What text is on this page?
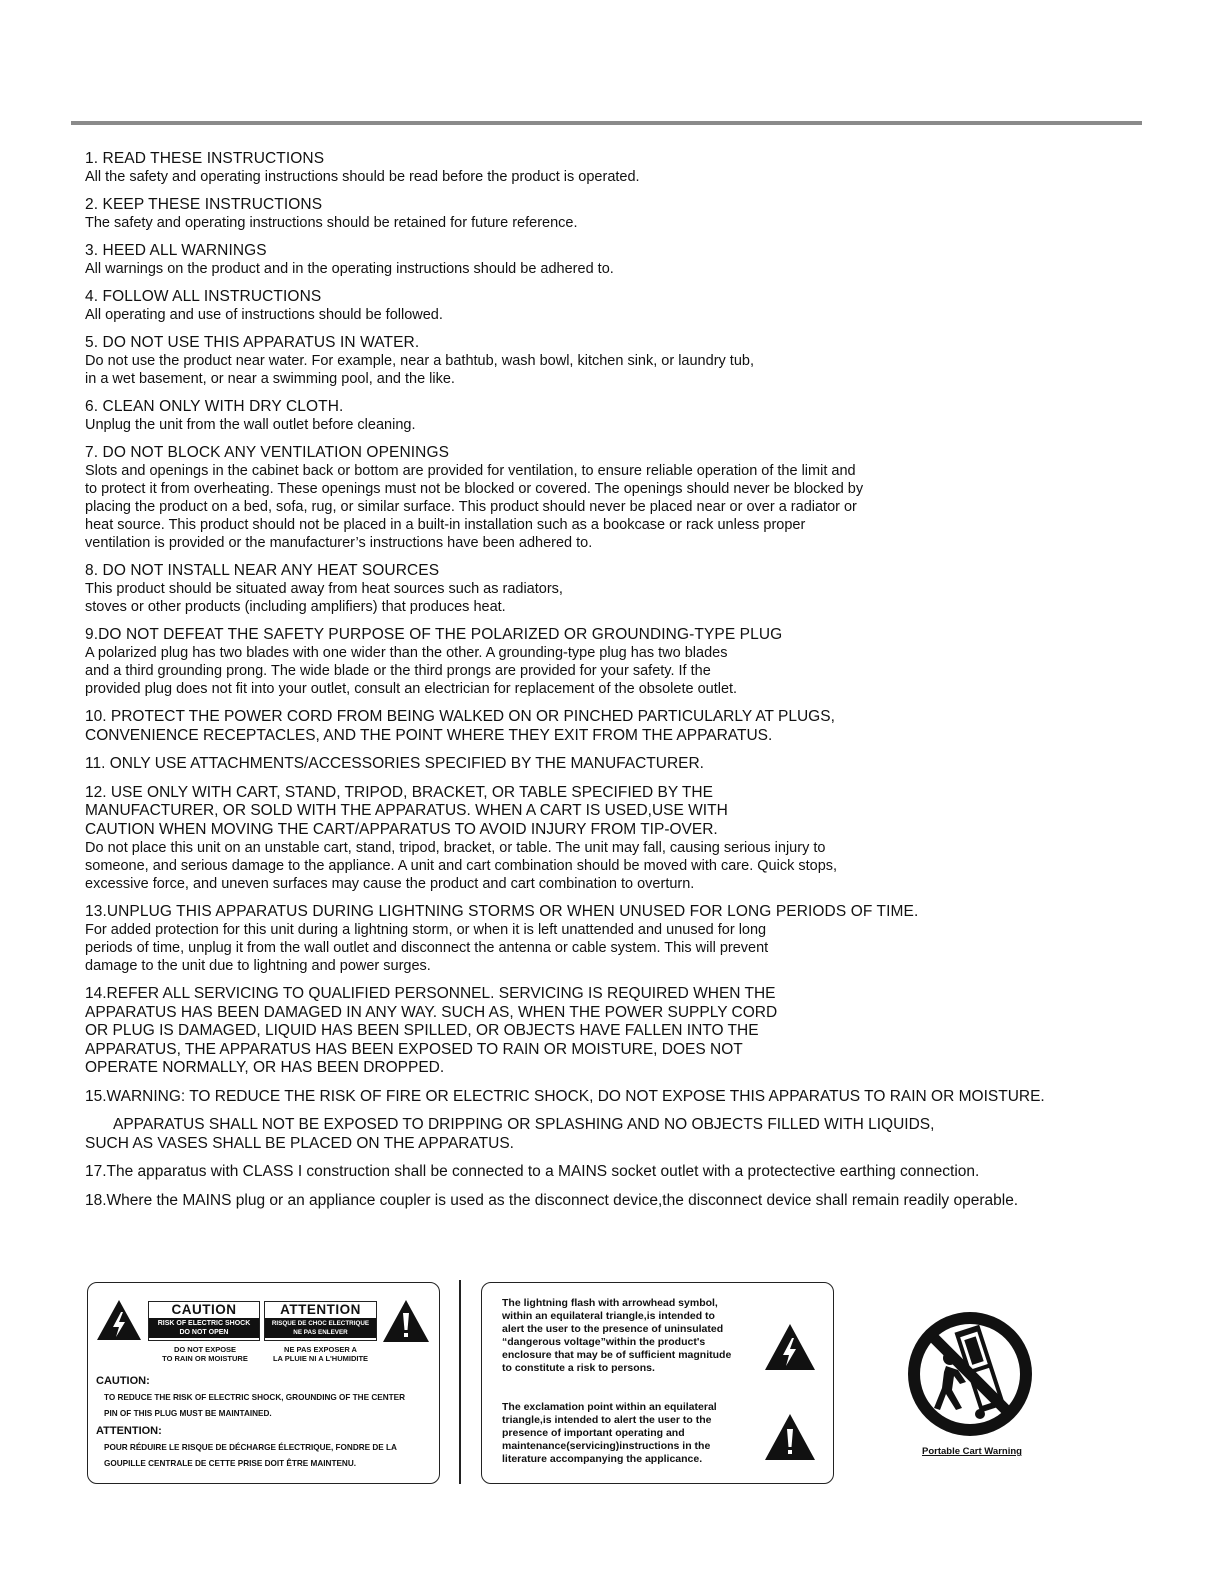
1. READ THESE INSTRUCTIONS
All the safety and operating instructions should be read before the product is operated.
2. KEEP THESE INSTRUCTIONS
The safety and operating instructions should be retained for future reference.
3. HEED ALL WARNINGS
All warnings on the product and in the operating instructions should be adhered to.
4. FOLLOW ALL INSTRUCTIONS
All operating and use of instructions should be followed.
5. DO NOT USE THIS APPARATUS IN WATER.
Do not use the product near water. For example, near a bathtub, wash bowl, kitchen sink, or laundry tub,
in a wet basement, or near a swimming pool, and the like.
6. CLEAN ONLY WITH DRY CLOTH.
Unplug the unit from the wall outlet before cleaning.
7. DO NOT BLOCK ANY VENTILATION OPENINGS
Slots and openings in the cabinet back or bottom are provided for ventilation, to ensure reliable operation of the limit and
to protect it from overheating. These openings must not be blocked or covered. The openings should never be blocked by
placing the product on a bed, sofa, rug, or similar surface. This product should never be placed near or over a radiator or
heat source. This product should not be placed in a built-in installation such as a bookcase or rack unless proper
ventilation is provided or the manufacturer’s instructions have been adhered to.
8. DO NOT INSTALL NEAR ANY HEAT SOURCES
This product should be situated away from heat sources such as radiators,
stoves or other products (including amplifiers) that produces heat.
9.DO NOT DEFEAT THE SAFETY PURPOSE OF THE POLARIZED OR GROUNDING-TYPE PLUG
A polarized plug has two blades with one wider than the other. A grounding-type plug has two blades
and a third grounding prong. The wide blade or the third prongs are provided for your safety. If the
provided plug does not fit into your outlet, consult an electrician for replacement of the obsolete outlet.
10. PROTECT THE POWER CORD FROM BEING WALKED ON OR PINCHED PARTICULARLY AT PLUGS,
CONVENIENCE RECEPTACLES, AND THE POINT WHERE THEY EXIT FROM THE APPARATUS.
11. ONLY USE ATTACHMENTS/ACCESSORIES SPECIFIED BY THE MANUFACTURER.
12. USE ONLY WITH CART, STAND, TRIPOD, BRACKET, OR TABLE SPECIFIED BY THE
MANUFACTURER, OR SOLD WITH THE APPARATUS. WHEN A CART IS USED,USE WITH
CAUTION WHEN MOVING THE CART/APPARATUS TO AVOID INJURY FROM TIP-OVER.
Do not place this unit on an unstable cart, stand, tripod, bracket, or table. The unit may fall, causing serious injury to
someone, and serious damage to the appliance. A unit and cart combination should be moved with care. Quick stops,
excessive force, and uneven surfaces may cause the product and cart combination to overturn.
13.UNPLUG THIS APPARATUS DURING LIGHTNING STORMS OR WHEN UNUSED FOR LONG PERIODS OF TIME.
For added protection for this unit during a lightning storm, or when it is left unattended and unused for long
periods of time, unplug it from the wall outlet and disconnect the antenna or cable system. This will prevent
damage to the unit due to lightning and power surges.
14.REFER ALL SERVICING TO QUALIFIED PERSONNEL. SERVICING IS REQUIRED WHEN THE
APPARATUS HAS BEEN DAMAGED IN ANY WAY. SUCH AS, WHEN THE POWER SUPPLY CORD
OR PLUG IS DAMAGED, LIQUID HAS BEEN SPILLED, OR OBJECTS HAVE FALLEN INTO THE
APPARATUS, THE APPARATUS HAS BEEN EXPOSED TO RAIN OR MOISTURE, DOES NOT
OPERATE NORMALLY, OR HAS BEEN DROPPED.
15.WARNING: TO REDUCE THE RISK OF FIRE OR ELECTRIC SHOCK, DO NOT EXPOSE THIS APPARATUS TO RAIN OR MOISTURE.
APPARATUS SHALL NOT BE EXPOSED TO DRIPPING OR SPLASHING AND NO OBJECTS FILLED WITH LIQUIDS,
SUCH AS VASES SHALL BE PLACED ON THE APPARATUS.
17.The apparatus with CLASS I construction shall be connected to a MAINS socket outlet with a protectective earthing connection.
18.Where the MAINS plug or an appliance coupler is used as the disconnect device,the disconnect device shall remain readily operable.
CAUTION
RISK OF ELECTRIC SHOCK
DO NOT OPEN
ATTENTION
RISQUE DE CHOC ELECTRIQUE
NE PAS ENLEVER
DO NOT EXPOSE
TO RAIN OR MOISTURE
NE PAS EXPOSER A
LA PLUIE NI A L'HUMIDITE
CAUTION:
TO REDUCE THE RISK OF ELECTRIC SHOCK, GROUNDING OF THE CENTER
PIN OF THIS PLUG MUST BE MAINTAINED.
ATTENTION:
POUR RÉDUIRE LE RISQUE DE DÉCHARGE ÉLECTRIQUE, FONDRE DE LA
GOUPILLE CENTRALE DE CETTE PRISE DOIT ÊTRE MAINTENU.
The lightning flash with arrowhead symbol,
within an equilateral triangle,is intended to
alert the user to the presence of uninsulated
“dangerous voltage”within the product's
enclosure that may be of sufficient magnitude
to constitute a risk to persons.
The exclamation point within an equilateral
triangle,is intended to alert the user to the
presence of important operating and
maintenance(servicing)instructions in the
literature accompanying the applicance.
Portable Cart Warning
